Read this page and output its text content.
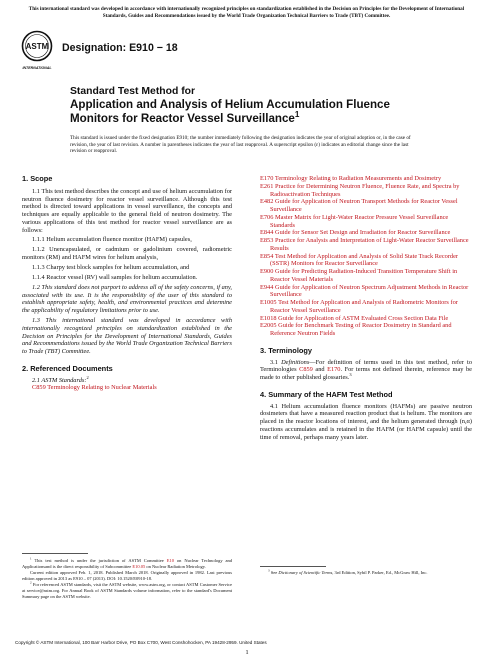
This international standard was developed in accordance with internationally recognized principles on standardization established in the Decision on Principles for the Development of International Standards, Guides and Recommendations issued by the World Trade Organization Technical Barriers to Trade (TBT) Committee.
ASTM
INTERNATIONAL
Designation: E910 − 18
Standard Test Method for
Application and Analysis of Helium Accumulation Fluence Monitors for Reactor Vessel Surveillance$^1$
This standard is issued under the fixed designation E910; the number immediately following the designation indicates the year of original adoption or, in the case of revision, the year of last revision. A number in parentheses indicates the year of last reapproval. A superscript epsilon (ε) indicates an editorial change since the last revision or reapproval.
1. Scope
1.1 This test method describes the concept and use of helium accumulation for neutron fluence dosimetry for reactor vessel surveillance. Although this test method is directed toward applications in vessel surveillance, the concepts and techniques are equally applicable to the general field of neutron dosimetry. The various applications of this test method for reactor vessel surveillance are as follows:
1.1.1 Helium accumulation fluence monitor (HAFM) capsules,
1.1.2 Unencapsulated, or cadmium or gadolinium covered, radiometric monitors (RM) and HAFM wires for helium analysis,
1.1.3 Charpy test block samples for helium accumulation, and
1.1.4 Reactor vessel (RV) wall samples for helium accumulation.
1.2 This standard does not purport to address all of the safety concerns, if any, associated with its use. It is the responsibility of the user of this standard to establish appropriate safety, health, and environmental practices and determine the applicability of regulatory limitations prior to use.
1.3 This international standard was developed in accordance with internationally recognized principles on standardization established in the Decision on Principles for the Development of International Standards, Guides and Recommendations issued by the World Trade Organization Technical Barriers to Trade (TBT) Committee.
2. Referenced Documents
2.1 ASTM Standards:$^2$
C859 Terminology Relating to Nuclear Materials
$^1$ This test method is under the jurisdiction of ASTM Committee E10 on Nuclear Technology and Applicationsand is the direct responsibility of Subcommittee E10.05 on Nuclear Radiation Metrology.
Current edition approved Feb. 1, 2018. Published March 2018. Originally approved in 1982. Last previous edition approved in 2013 as E910 – 07 (2013). DOI: 10.1520/E0910-18.
$^2$ For referenced ASTM standards, visit the ASTM website, www.astm.org, or contact ASTM Customer Service at service@astm.org. For Annual Book of ASTM Standards volume information, refer to the standard's Document Summary page on the ASTM website.
E170 Terminology Relating to Radiation Measurements and Dosimetry
E261 Practice for Determining Neutron Fluence, Fluence Rate, and Spectra by Radioactivation Techniques
E482 Guide for Application of Neutron Transport Methods for Reactor Vessel Surveillance
E706 Master Matrix for Light-Water Reactor Pressure Vessel Surveillance Standards
E844 Guide for Sensor Set Design and Irradiation for Reactor Surveillance
E853 Practice for Analysis and Interpretation of Light-Water Reactor Surveillance Results
E854 Test Method for Application and Analysis of Solid State Track Recorder (SSTR) Monitors for Reactor Surveillance
E900 Guide for Predicting Radiation-Induced Transition Temperature Shift in Reactor Vessel Materials
E944 Guide for Application of Neutron Spectrum Adjustment Methods in Reactor Surveillance
E1005 Test Method for Application and Analysis of Radiometric Monitors for Reactor Vessel Surveillance
E1018 Guide for Application of ASTM Evaluated Cross Section Data File
E2005 Guide for Benchmark Testing of Reactor Dosimetry in Standard and Reference Neutron Fields
3. Terminology
3.1 Definitions—For definition of terms used in this test method, refer to Terminologies C859 and E170. For terms not defined therein, reference may be made to other published glossaries.$^3$
4. Summary of the HAFM Test Method
4.1 Helium accumulation fluence monitors (HAFMs) are passive neutron dosimeters that have a measured reaction product that is helium. The monitors are placed in the reactor locations of interest, and the helium generated through (n,α) reactions accumulates and is retained in the HAFM (or HAFM capsule) until the time of removal, perhaps many years later.
$^3$ See Dictionary of Scientific Terms, 3rd Edition, Sybil P. Parker, Ed., McGraw Hill, Inc.
Copyright © ASTM International, 100 Barr Harbor Drive, PO Box C700, West Conshohocken, PA 19428-2959. United States
1
